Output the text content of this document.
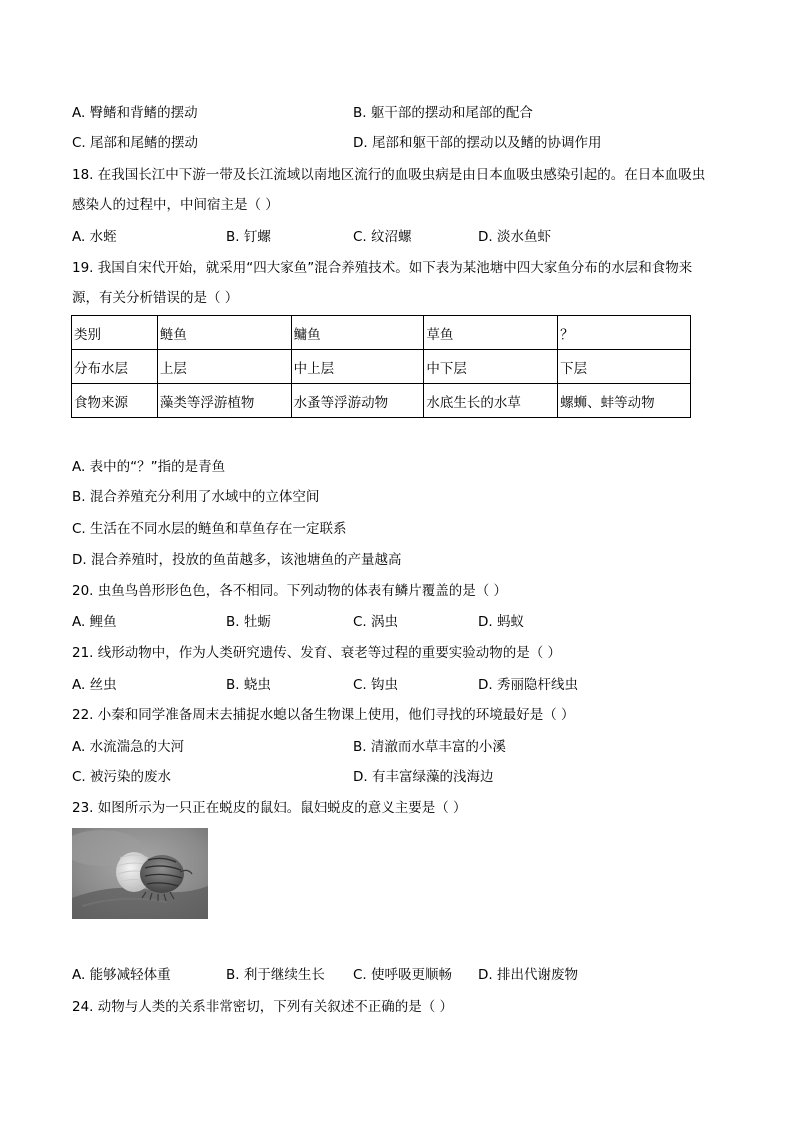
A. 臀鳍和背鳍的摆动	B. 躯干部的摆动和尾部的配合
C. 尾部和尾鳍的摆动	D. 尾部和躯干部的摆动以及鳍的协调作用
18. 在我国长江中下游一带及长江流域以南地区流行的血吸虫病是由日本血吸虫感染引起的。在日本血吸虫
感染人的过程中，中间宿主是（ ）
A. 水蛭	B. 钉螺	C. 纹沼螺	D. 淡水鱼虾
19. 我国自宋代开始，就采用“四大家鱼”混合养殖技术。如下表为某池塘中四大家鱼分布的水层和食物来
源，有关分析错误的是（ ）
类别	鲢鱼	鳙鱼	草鱼	？
分布水层	上层	中上层	中下层	下层
食物来源	藻类等浮游植物	水蚤等浮游动物	水底生长的水草	螺蛳、蚌等动物
A. 表中的“？”指的是青鱼
B. 混合养殖充分利用了水域中的立体空间
C. 生活在不同水层的鲢鱼和草鱼存在一定联系
D. 混合养殖时，投放的鱼苗越多，该池塘鱼的产量越高
20. 虫鱼鸟兽形形色色，各不相同。下列动物的体表有鳞片覆盖的是（ ）
A. 鲤鱼	B. 牡蛎	C. 涡虫	D. 蚂蚁
21. 线形动物中，作为人类研究遗传、发育、衰老等过程的重要实验动物的是（ ）
A. 丝虫	B. 蛲虫	C. 钩虫	D. 秀丽隐杆线虫
22. 小秦和同学准备周末去捕捉水螅以备生物课上使用，他们寻找的环境最好是（ ）
A. 水流湍急的大河	B. 清澈而水草丰富的小溪
C. 被污染的废水	D. 有丰富绿藻的浅海边
23. 如图所示为一只正在蜕皮的鼠妇。鼠妇蜕皮的意义主要是（ ）
A. 能够减轻体重	B. 利于继续生长 C. 使呼吸更顺畅 D. 排出代谢废物
24. 动物与人类的关系非常密切，下列有关叙述不正确的是（ ）
